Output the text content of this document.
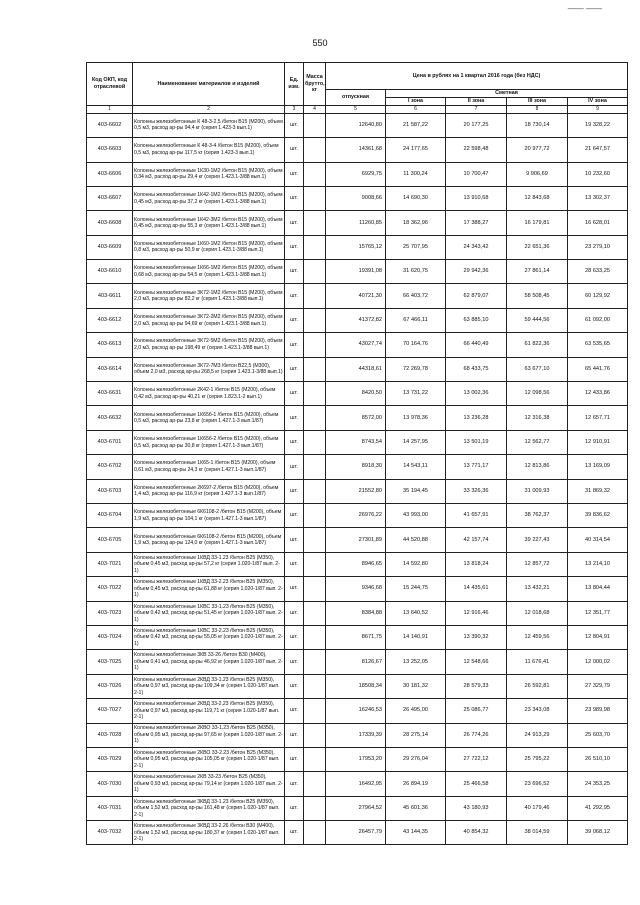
550
—— ——
Код ОКП, код отраслевой	Наименование материалов и изделий	Ед. изм.	Масса брутто, кг	Цена в рублях на 1 квартал 2016 года (без НДС)				
				отпускная	Сметная			
					I зона	II зона	III зона	IV зона
1	2	3	4	5	6	7	8	9
403-6602	Колонны железобетонные К 48-3-2,5 /бетон В15 (М200), объем 0,5 м3, расход ар-ры 94,4 кг (серия 1.423-3 вып.1)	шт.		12640,80	21 587,22	20 177,25	18 730,14	19 328,22
403-6603	Колонны железобетонные К 48-3-4 /бетон В15 (М200), объем 0,5 м3, расход ар-ры 117,5 кг (серия 1.423-3 вып.1)	шт.		14361,68	24 177,65	22 598,48	20 977,72	21 647,57
403-6606	Колонны железобетонные 1К30-1М2 /бетон В15 (М200), объем 0,34 м3, расход ар-ры 29,4 кг (серия 1.423.1-3/88 вып.1)	шт.		6929,75	11 300,24	10 700,47	9 906,69	10 232,60
403-6607	Колонны железобетонные 1К42-1М2 /бетон В15 (М200), объем 0,45 м3, расход ар-ры 37,2 кг (серия 1.423.1-3/88 вып.1)	шт.		9008,66	14 690,30	13 910,68	12 843,68	13 302,37
403-6608	Колонны железобетонные 1К42-3М2 /бетон В15 (М200), объем 0,45 м3, расход ар-ры 55,3 кг (серия 1.423.1-3/88 вып.1)	шт.		11260,85	18 362,96	17 388,27	16 179,81	16 628,01
403-6609	Колонны железобетонные 1К60-1М2 /бетон В15 (М200), объем 0,8 м3, расход ар-ры 50,9 кг (серия 1.423.1-3/88 вып.1)	шт.		15765,12	25 707,95	24 343,42	22 651,36	23 279,10
403-6610	Колонны железобетонные 1К66-1М2 /бетон В15 (М200), объем 0,68 м3, расход ар-ры 54,5 кг (серия 1.423.1-3/88 вып.1)	шт.		19391,08	31 620,75	29 942,36	27 861,14	28 633,25
403-6611	Колонны железобетонные 3К72-1М2 /бетон В15 (М200), объем 2,0 м3, расход ар-ры 82,2 кг (серия 1.423.1-3/88 вып.1)	шт.		40721,30	66 403,72	62 879,07	58 508,45	60 129,92
403-6612	Колонны железобетонные 3К72-2М2 /бетон В15 (М200), объем 2,0 м3, расход ар-ры 94,69 кг (серия 1.423.1-3/88 вып.1)	шт.		41372,82	67 466,11	63 885,10	59 444,56	61 092,00
403-6613	Колонны железобетонные 3К72-5М2 /бетон В15 (М200), объем 2,0 м3, расход ар-ры 198,49 кг (серия 1.423.1-3/88 вып.1)	шт.		43027,74	70 164,76	66 440,49	61 822,36	63 535,65
403-6614	Колонны железобетонные 3К72-7М3 /бетон В22,5 (М300), объем 2,0 м3, расход ар-ры 268,5 кг (серия 1.423.1-3/88 вып.1)	шт.		44318,61	72 269,78	68 433,75	63 677,10	65 441,76
403-6631	Колонны железобетонные 2К42-1 /бетон В15 (М200), объем 0,42 м3, расход ар-ры 40,21 кг (серия 1.823.1-2 вып.1)	шт.		8420,50	13 731,22	13 002,36	12 098,56	12 433,86
403-6632	Колонны железобетонные 1К65б-1 /бетон В15 (М200), объем 0,5 м3, расход ар-ры 23,8 кг (серия 1.427.1-3 вып.1/87)	шт.		8572,00	13 978,36	13 236,28	12 316,38	12 657,71
403-6701	Колонны железобетонные 1К65б-2 /бетон В15 (М200), объем 0,5 м3, расход ар-ры 30,8 кг (серия 1.427.1-3 вып.1/87)	шт.		8743,54	14 257,95	13 501,19	12 562,77	12 910,91
403-6702	Колонны железобетонные 1К65-1 /бетон В15 (М200), объем 0,61 м3, расход ар-ры 24,3 кг (серия 1.427.1-3 вып.1/87)	шт.		8918,30	14 543,11	13 771,17	12 813,86	13 169,09
403-6703	Колонны железобетонные 2К697-2 /бетон В15 (М200), объем 1,4 м3, расход ар-ры 116,9 кг (серия 1.427.1-3 вып.1/87)	шт.		21552,80	35 194,45	33 326,36	31 009,93	31 869,32
403-6704	Колонны железобетонные 6К6108-2 /бетон В15 (М200), объем 1,9 м3, расход ар-ры 104,1 кг (серия 1.427.1-3 вып.1/87)	шт.		26976,22	43 993,00	41 657,91	38 762,37	39 836,62
403-6705	Колонны железобетонные 6К6108-2 /бетон В15 (М200), объем 1,9 м3, расход ар-ры 124,0 кг (серия 1.427.1-3 вып.1/87)	шт.		27301,89	44 520,88	42 157,74	39 227,43	40 314,54
403-7021	Колонны железобетонные 1КВД 33-1.23 /бетон В25 (М350), объем 0,45 м3, расход ар-ры 57,2 кг (серия 1.020-1/87 вып. 2-1)	шт.		8946,65	14 592,80	13 818,24	12 857,72	13 214,10
403-7022	Колонны железобетонные 1КВД 33-2.23 /бетон В25 (М350), объем 0,45 м3, расход ар-ры 61,88 кг (серия 1.020-1/87 вып. 2-1)	шт.		9346,68	15 244,75	14 435,61	13 432,21	13 804,44
403-7023	Колонны железобетонные 1КВС 33-1.23 /бетон В25 (М350), объем 0,42 м3, расход ар-ры 51,45 кг (серия 1.020-1/87 вып. 2-1)	шт.		8384,88	13 640,52	12 916,46	12 018,68	12 351,77
403-7024	Колонны железобетонные 1КВС 33-2.23 /бетон В25 (М350), объем 0,42 м3, расход ар-ры 55,05 кг (серия 1.020-1/87 вып. 2-1)	шт.		8671,75	14 140,91	13 390,32	12 459,56	12 804,91
403-7025	Колонны железобетонные 3КВ 33-26 /бетон В30 (М400), объем 0,41 м3, расход ар-ры 46,92 кг (серия 1.020-1/87 вып. 2-1)	шт.		8126,67	13 252,05	12 548,66	11 676,41	12 000,02
403-7026	Колонны железобетонные 2КВД 33-1.23 /бетон В25 (М350), объем 0,97 м3, расход ар-ры 109,34 кг (серия 1.020-1/87 вып. 2-1)	шт.		18508,34	30 181,32	28 579,33	26 592,81	27 329,79
403-7027	Колонны железобетонные 2КВД 33-2.23 /бетон В25 (М350), объем 0,97 м3, расход ар-ры 119,71 кг (серия 1.020-1/87 вып. 2-1)	шт.		16246,53	26 495,00	25 086,77	23 343,08	23 989,98
403-7028	Колонны железобетонные 2КВО 33-1.23 /бетон В25 (М350), объем 0,95 м3, расход ар-ры 97,65 кг (серия 1.020-1/87 вып. 2-1)	шт.		17339,39	28 275,14	26 774,26	24 913,29	25 603,70
403-7029	Колонны железобетонные 2КВО 33-2.23 /бетон В25 (М350), объем 0,95 м3, расход ар-ры 105,05 кг (серия 1.020-1/87 вып. 2-1)	шт.		17953,20	29 276,04	27 722,12	25 795,22	26 510,10
403-7030	Колонны железобетонные 2КВ 33-23 /бетон В25 (М350), объем 0,93 м3, расход ар-ры 79,14 кг (серия 1.020-1/87 вып. 2-1)	шт.		16492,95	26 894,19	25 466,58	23 696,52	24 353,25
403-7031	Колонны железобетонные 3КВД 33-1.23 /бетон В25 (М350), объем 1,52 м3, расход ар-ры 161,48 кг (серия 1.020-1/87 вып. 2-1)	шт.		27964,52	45 601,36	43 180,93	40 179,46	41 292,95
403-7032	Колонны железобетонные 3КВД 33-2.26 /бетон В30 (М400), объем 1,52 м3, расход ар-ры 180,37 кг (серия 1.020-1/87 вып. 2-1)	шт.		26457,79	43 144,35	40 854,32	38 014,59	39 068,12
